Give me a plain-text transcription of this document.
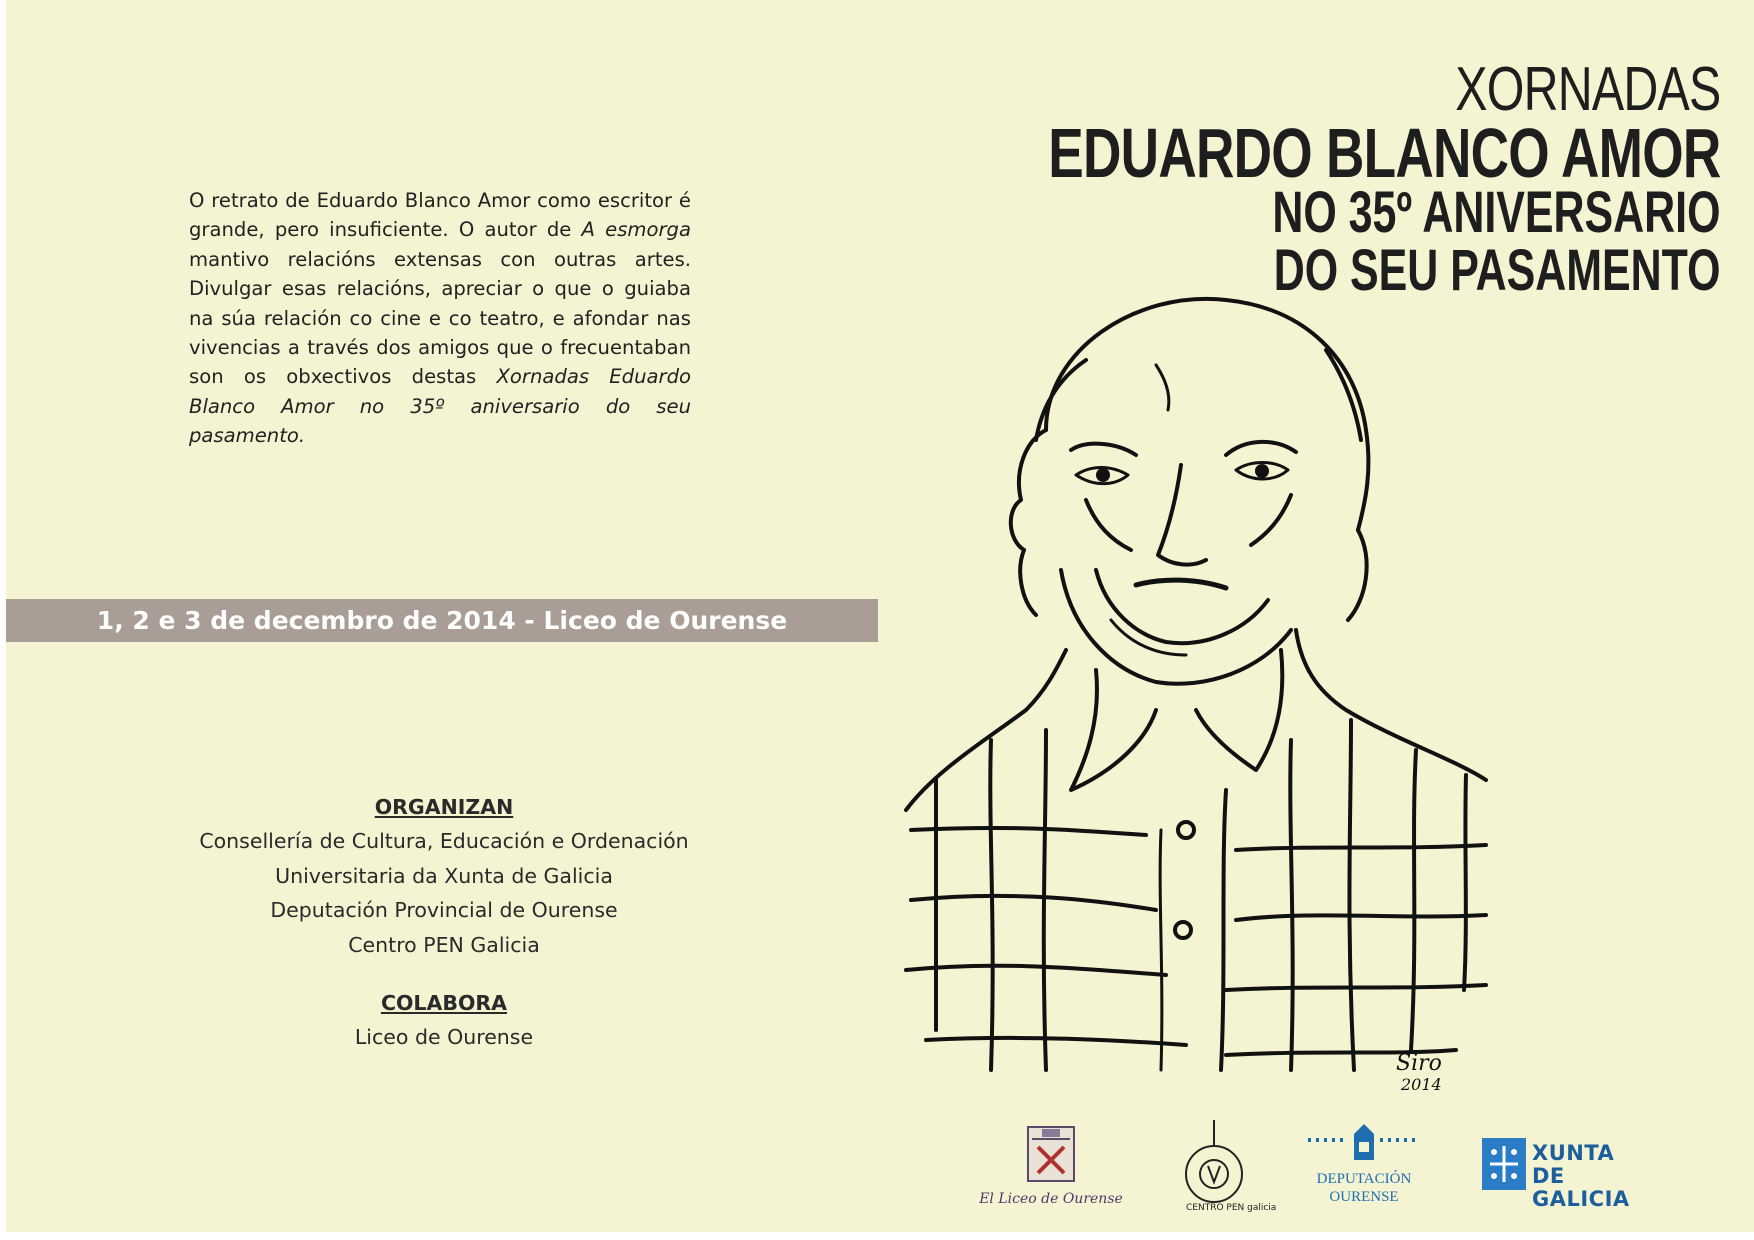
O retrato de Eduardo Blanco Amor como escritor é grande, pero insuficiente. O autor de A esmorga mantivo relacións extensas con outras artes. Divulgar esas relacións, apreciar o que o guiaba na súa relación co cine e co teatro, e afondar nas vivencias a través dos amigos que o frecuentaban son os obxectivos destas Xornadas Eduardo Blanco Amor no 35º aniversario do seu pasamento.

1, 2 e 3 de decembro de 2014 - Liceo de Ourense
ORGANIZAN
Consellería de Cultura, Educación e Ordenación
Universitaria da Xunta de Galicia
Deputación Provincial de Ourense
Centro PEN Galicia
COLABORA
Liceo de Ourense
XORNADAS
EDUARDO BLANCO AMOR
NO 35º ANIVERSARIO
DO SEU PASAMENTO
Siro
2014
El Liceo de Ourense
CENTRO PEN galicia
DEPUTACIÓN
OURENSE
XUNTA
DE GALICIA
